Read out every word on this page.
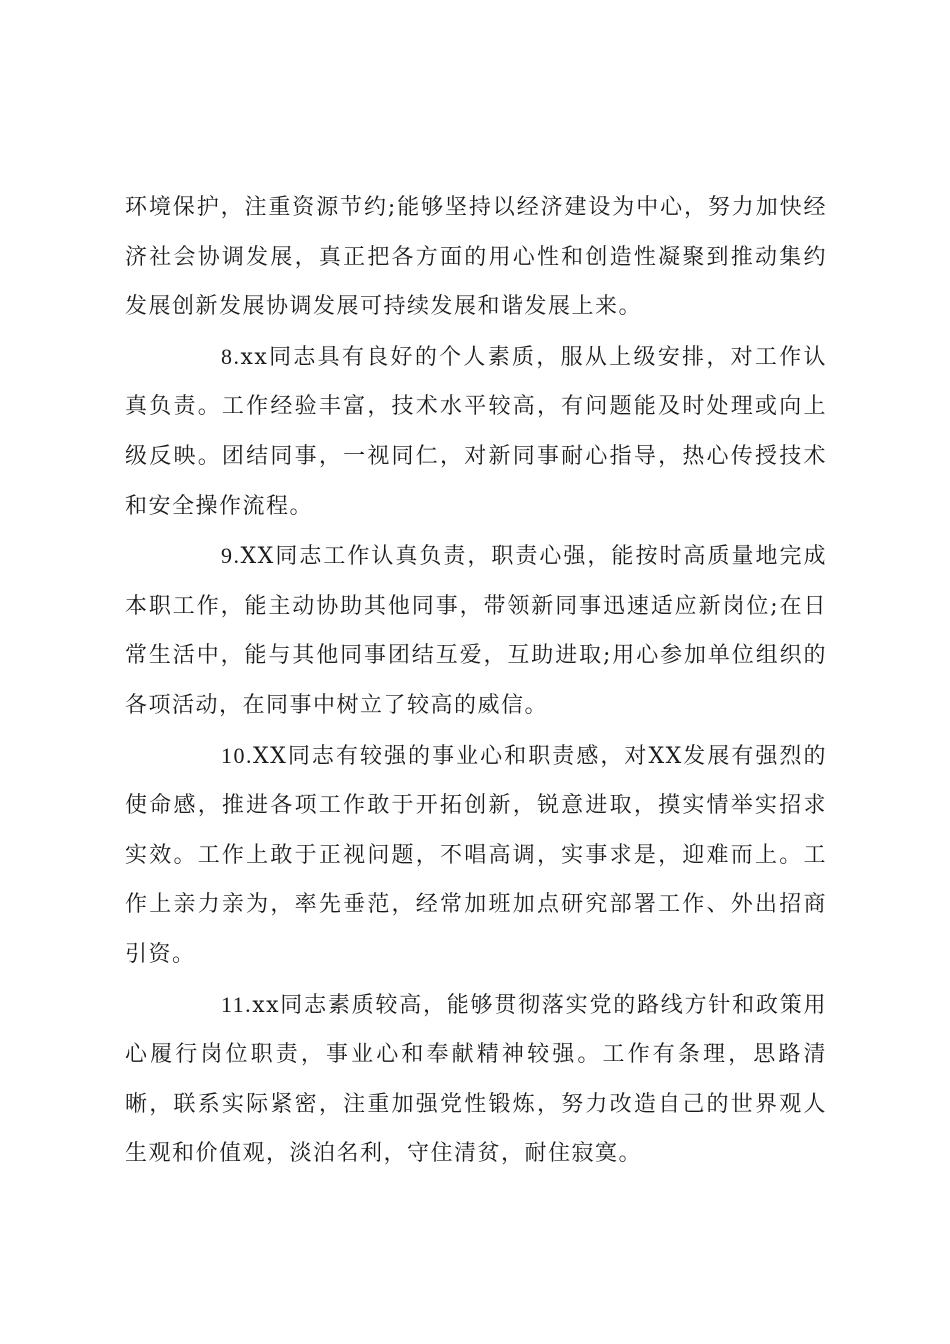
环境保护，注重资源节约;能够坚持以经济建设为中心，努力加快经济社会协调发展，真正把各方面的用心性和创造性凝聚到推动集约发展创新发展协调发展可持续发展和谐发展上来。

8.xx同志具有良好的个人素质，服从上级安排，对工作认真负责。工作经验丰富，技术水平较高，有问题能及时处理或向上级反映。团结同事，一视同仁，对新同事耐心指导，热心传授技术和安全操作流程。

9.XX同志工作认真负责，职责心强，能按时高质量地完成本职工作，能主动协助其他同事，带领新同事迅速适应新岗位;在日常生活中，能与其他同事团结互爱，互助进取;用心参加单位组织的各项活动，在同事中树立了较高的威信。

10.XX同志有较强的事业心和职责感，对XX发展有强烈的使命感，推进各项工作敢于开拓创新，锐意进取，摸实情举实招求实效。工作上敢于正视问题，不唱高调，实事求是，迎难而上。工作上亲力亲为，率先垂范，经常加班加点研究部署工作、外出招商引资。

11.xx同志素质较高，能够贯彻落实党的路线方针和政策用心履行岗位职责，事业心和奉献精神较强。工作有条理，思路清晰，联系实际紧密，注重加强党性锻炼，努力改造自己的世界观人生观和价值观，淡泊名利，守住清贫，耐住寂寞。
